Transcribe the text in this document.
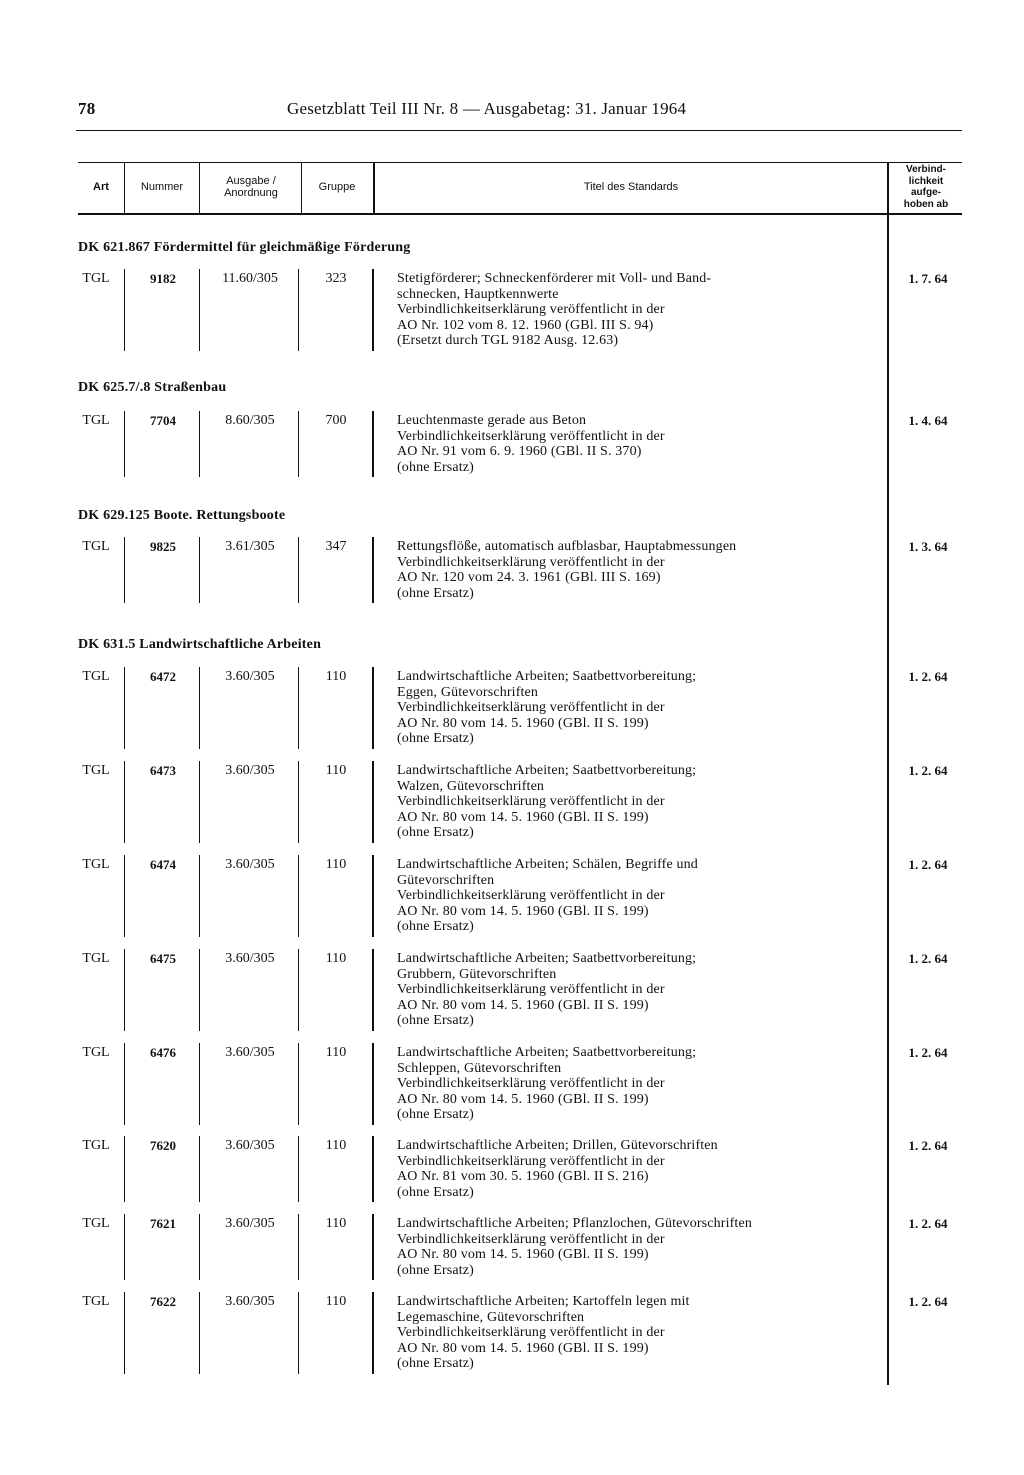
78	Gesetzblatt Teil III Nr. 8 — Ausgabetag: 31. Januar 1964
Art	Nummer	Ausgabe / Anordnung	Gruppe	Titel des Standards
Verbind-
lichkeit
aufge-
hoben ab
DK 621.867 Fördermittel für gleichmäßige Förderung
TGL	9182	11.60/305	323	Stetigförderer; Schneckenförderer mit Voll- und Band-
schnecken, Hauptkennwerte
Verbindlichkeitserklärung veröffentlicht in der
AO Nr. 102 vom 8. 12. 1960 (GBl. III S. 94)
(Ersetzt durch TGL 9182 Ausg. 12.63)
1. 7. 64
DK 625.7/.8 Straßenbau
TGL	7704	8.60/305	700	Leuchtenmaste gerade aus Beton
Verbindlichkeitserklärung veröffentlicht in der
AO Nr. 91 vom 6. 9. 1960 (GBl. II S. 370)
(ohne Ersatz)
1. 4. 64
DK 629.125 Boote. Rettungsboote
TGL	9825	3.61/305	347	Rettungsflöße, automatisch aufblasbar, Hauptabmessungen
Verbindlichkeitserklärung veröffentlicht in der
AO Nr. 120 vom 24. 3. 1961 (GBl. III S. 169)
(ohne Ersatz)
1. 3. 64
DK 631.5 Landwirtschaftliche Arbeiten
TGL	6472	3.60/305	110	Landwirtschaftliche Arbeiten; Saatbettvorbereitung;
Eggen, Gütevorschriften
Verbindlichkeitserklärung veröffentlicht in der
AO Nr. 80 vom 14. 5. 1960 (GBl. II S. 199)
(ohne Ersatz)
1. 2. 64
TGL	6473	3.60/305	110	Landwirtschaftliche Arbeiten; Saatbettvorbereitung;
Walzen, Gütevorschriften
Verbindlichkeitserklärung veröffentlicht in der
AO Nr. 80 vom 14. 5. 1960 (GBl. II S. 199)
(ohne Ersatz)
1. 2. 64
TGL	6474	3.60/305	110	Landwirtschaftliche Arbeiten; Schälen, Begriffe und
Gütevorschriften
Verbindlichkeitserklärung veröffentlicht in der
AO Nr. 80 vom 14. 5. 1960 (GBl. II S. 199)
(ohne Ersatz)
1. 2. 64
TGL	6475	3.60/305	110	Landwirtschaftliche Arbeiten; Saatbettvorbereitung;
Grubbern, Gütevorschriften
Verbindlichkeitserklärung veröffentlicht in der
AO Nr. 80 vom 14. 5. 1960 (GBl. II S. 199)
(ohne Ersatz)
1. 2. 64
TGL	6476	3.60/305	110	Landwirtschaftliche Arbeiten; Saatbettvorbereitung;
Schleppen, Gütevorschriften
Verbindlichkeitserklärung veröffentlicht in der
AO Nr. 80 vom 14. 5. 1960 (GBl. II S. 199)
(ohne Ersatz)
1. 2. 64
TGL	7620	3.60/305	110	Landwirtschaftliche Arbeiten; Drillen, Gütevorschriften
Verbindlichkeitserklärung veröffentlicht in der
AO Nr. 81 vom 30. 5. 1960 (GBl. II S. 216)
(ohne Ersatz)
1. 2. 64
TGL	7621	3.60/305	110	Landwirtschaftliche Arbeiten; Pflanzlochen, Gütevorschriften
Verbindlichkeitserklärung veröffentlicht in der
AO Nr. 80 vom 14. 5. 1960 (GBl. II S. 199)
(ohne Ersatz)
1. 2. 64
TGL	7622	3.60/305	110	Landwirtschaftliche Arbeiten; Kartoffeln legen mit
Legemaschine, Gütevorschriften
Verbindlichkeitserklärung veröffentlicht in der
AO Nr. 80 vom 14. 5. 1960 (GBl. II S. 199)
(ohne Ersatz)
1. 2. 64
